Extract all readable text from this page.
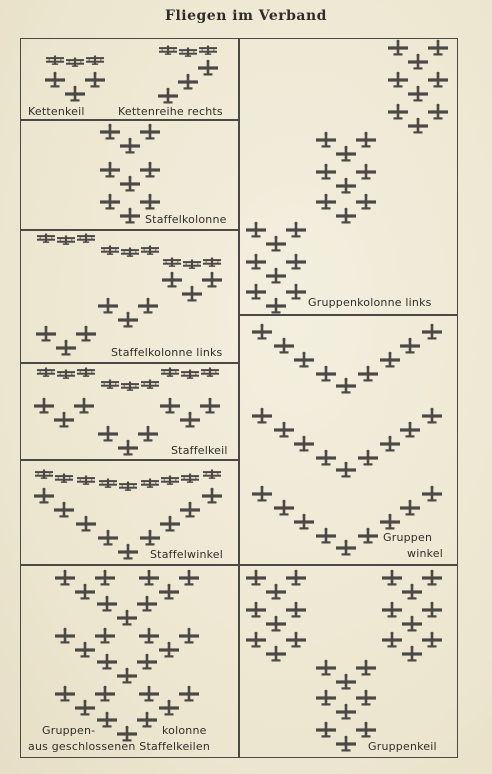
Fliegen im Verband
Kettenkeil	Kettenreihe rechts
Staffelkolonne
Staffelkolonne links
Staffelkeil
Staffelwinkel
Gruppenkolonne links
Gruppen
winkel
Gruppen-	kolonne
aus geschlossenen Staffelkeilen	Gruppenkeil
